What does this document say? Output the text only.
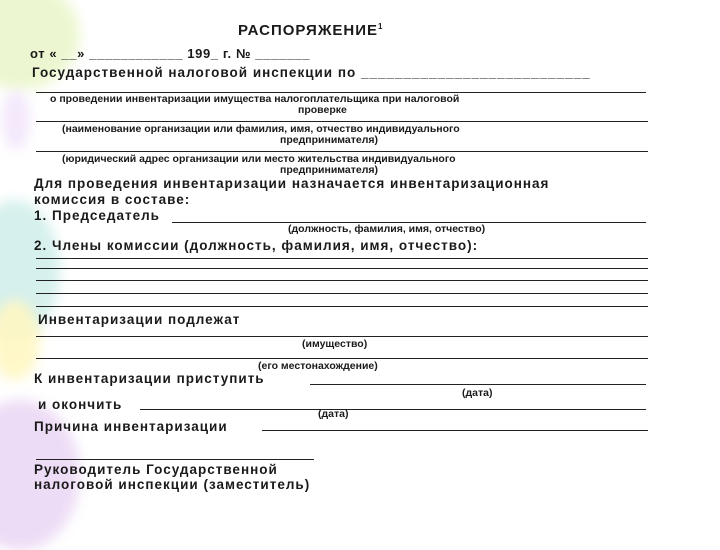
РАСПОРЯЖЕНИЕ$^1$
от « __» ____________ 199_ г. № _______
Государственной налоговой инспекции по ___________________________
о проведении инвентаризации имущества налогоплательщика при налоговой
проверке
(наименование организации или фамилия, имя, отчество индивидуального
предпринимателя)
(юридический адрес организации или место жительства индивидуального
предпринимателя)
Для проведения инвентаризации назначается инвентаризационная
комиссия в составе:
1. Председатель
(должность, фамилия, имя, отчество)
2. Члены комиссии (должность, фамилия, имя, отчество):
Инвентаризации подлежат
(имущество)
(его местонахождение)
К инвентаризации приступить
(дата)
и окончить
(дата)
Причина инвентаризации
Руководитель Государственной
налоговой инспекции (заместитель)
